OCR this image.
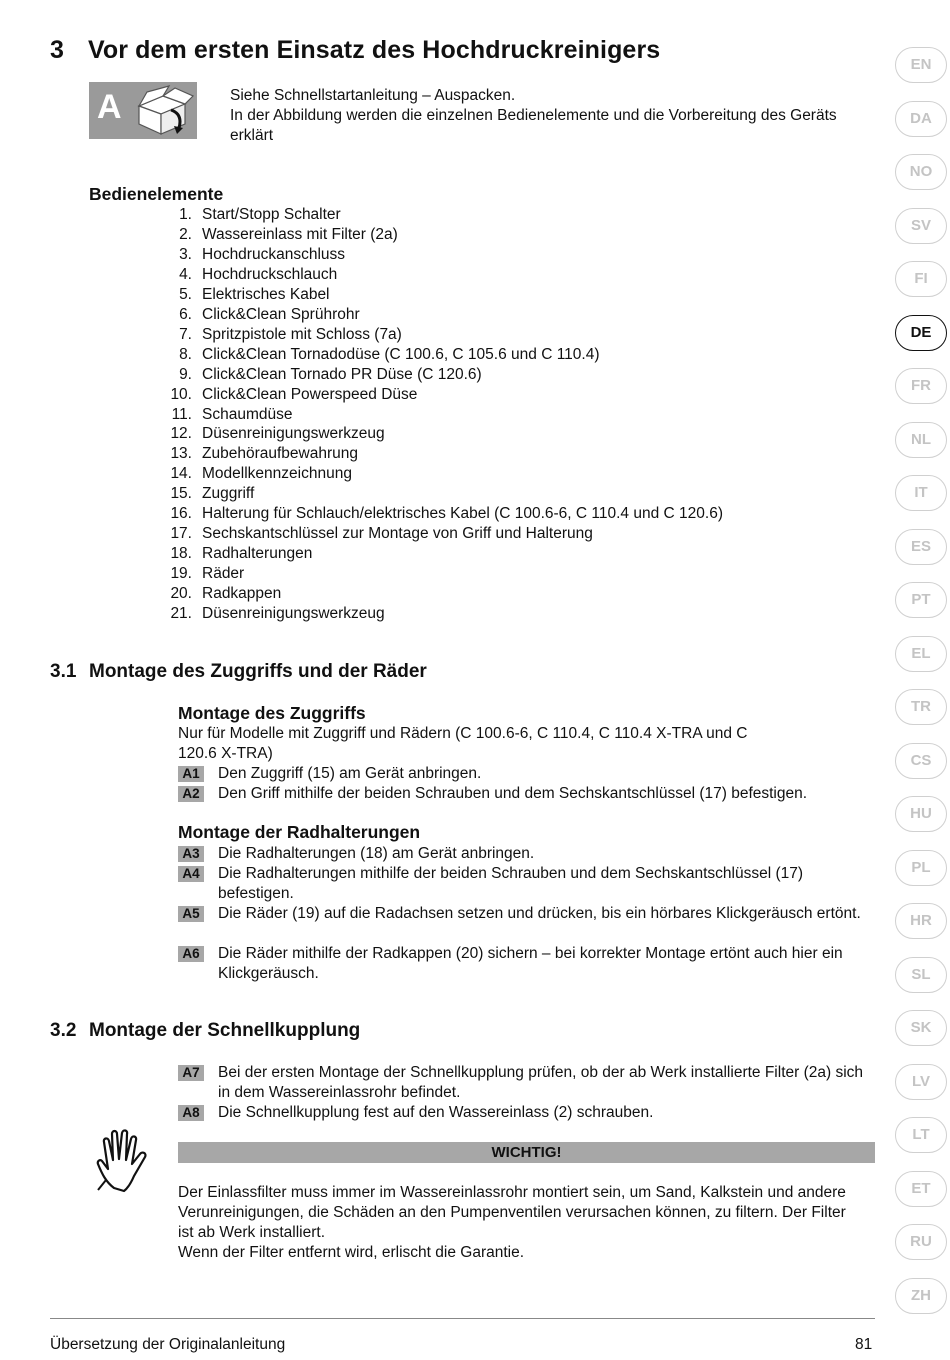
3 Vor dem ersten Einsatz des Hochdruckreinigers
A	Siehe Schnellstartanleitung – Auspacken.
In der Abbildung werden die einzelnen Bedienelemente und die Vorbereitung des Geräts erklärt
Bedienelemente
1. Start/Stopp Schalter
2. Wassereinlass mit Filter (2a)
3. Hochdruckanschluss
4. Hochdruckschlauch
5. Elektrisches Kabel
6. Click&Clean Sprührohr
7. Spritzpistole mit Schloss (7a)
8. Click&Clean Tornadodüse (C 100.6, C 105.6 und C 110.4)
9. Click&Clean Tornado PR Düse (C 120.6)
10. Click&Clean Powerspeed Düse
11. Schaumdüse
12. Düsenreinigungswerkzeug
13. Zubehöraufbewahrung
14. Modellkennzeichnung
15. Zuggriff
16. Halterung für Schlauch/elektrisches Kabel (C 100.6-6, C 110.4 und C 120.6)
17. Sechskantschlüssel zur Montage von Griff und Halterung
18. Radhalterungen
19. Räder
20. Radkappen
21. Düsenreinigungswerkzeug
3.1 Montage des Zuggriffs und der Räder
Montage des Zuggriffs
Nur für Modelle mit Zuggriff und Rädern (C 100.6-6, C 110.4, C 110.4 X-TRA und C 120.6 X-TRA)
A1 Den Zuggriff (15) am Gerät anbringen.
A2 Den Griff mithilfe der beiden Schrauben und dem Sechskantschlüssel (17) befestigen.
Montage der Radhalterungen
A3 Die Radhalterungen (18) am Gerät anbringen.
A4 Die Radhalterungen mithilfe der beiden Schrauben und dem Sechskantschlüssel (17) befestigen.
A5 Die Räder (19) auf die Radachsen setzen und drücken, bis ein hörbares Klickgeräusch ertönt.
A6 Die Räder mithilfe der Radkappen (20) sichern – bei korrekter Montage ertönt auch hier ein Klickgeräusch.
3.2 Montage der Schnellkupplung
A7 Bei der ersten Montage der Schnellkupplung prüfen, ob der ab Werk installierte Filter (2a) sich in dem Wassereinlassrohr befindet.
A8 Die Schnellkupplung fest auf den Wassereinlass (2) schrauben.
WICHTIG!
Der Einlassfilter muss immer im Wassereinlassrohr montiert sein, um Sand, Kalkstein und andere Verunreinigungen, die Schäden an den Pumpenventilen verursachen können, zu filtern. Der Filter ist ab Werk installiert.
Wenn der Filter entfernt wird, erlischt die Garantie.
Übersetzung der Originalanleitung	81
EN
DA
NO
SV
FI
DE
FR
NL
IT
ES
PT
EL
TR
CS
HU
PL
HR
SL
SK
LV
LT
ET
RU
ZH
